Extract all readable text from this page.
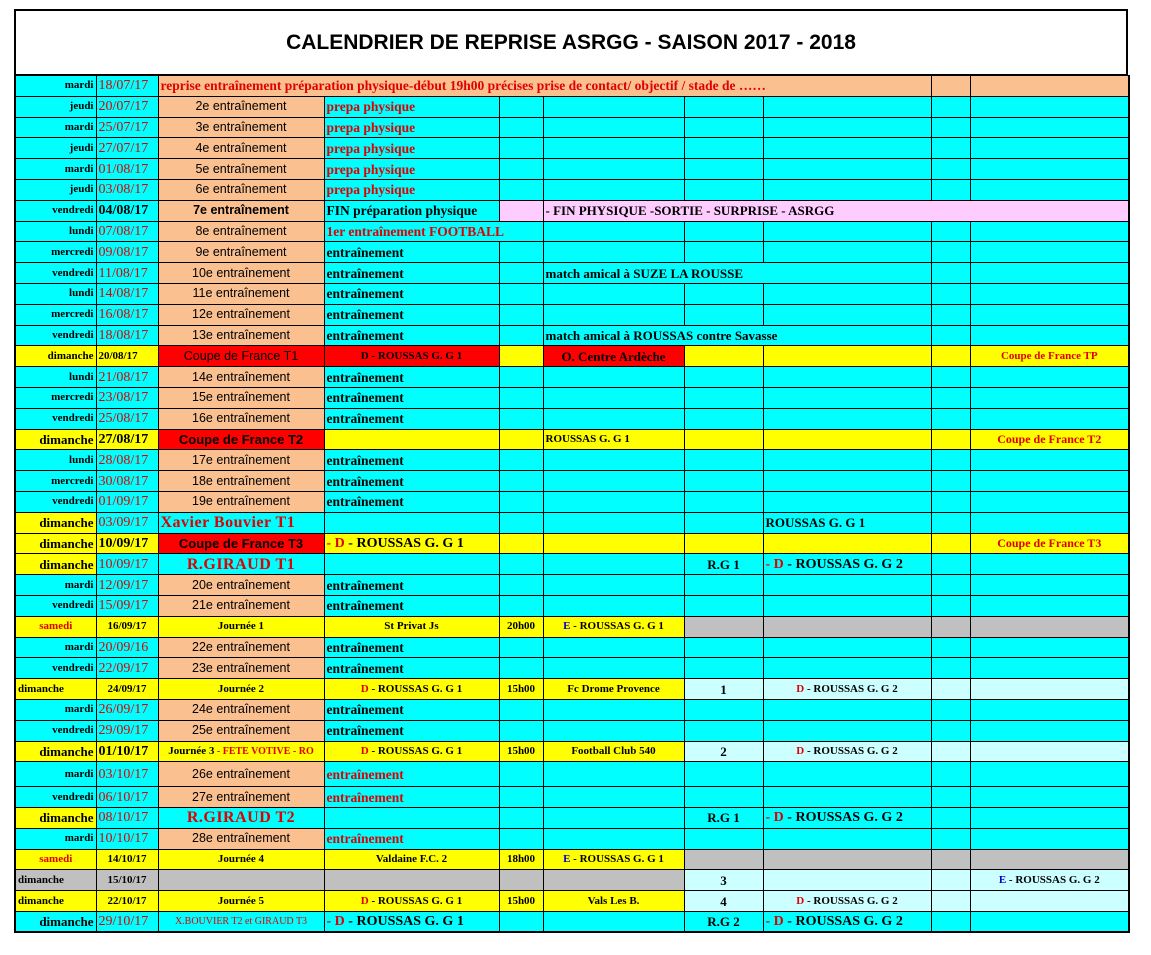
CALENDRIER DE REPRISE ASRGG - SAISON 2017 - 2018
mardi	18/07/17	reprise entraînement préparation physique-début 19h00 précises prise de contact/ objectif / stade de ……							
jeudi	20/07/17	2e entraînement	prepa physique						
mardi	25/07/17	3e entraînement	prepa physique						
jeudi	27/07/17	4e entraînement	prepa physique						
mardi	01/08/17	5e entraînement	prepa physique						
jeudi	03/08/17	6e entraînement	prepa physique						
vendredi	04/08/17	7e entraînement	FIN préparation physique		- FIN PHYSIQUE -SORTIE - SURPRISE - ASRGG				
lundi	07/08/17	8e entraînement	1er entraînement FOOTBALL						
mercredi	09/08/17	9e entraînement	entraînement						
vendredi	11/08/17	10e entraînement	entraînement		match amical à SUZE LA ROUSSE				
lundi	14/08/17	11e entraînement	entraînement						
mercredi	16/08/17	12e entraînement	entraînement						
vendredi	18/08/17	13e entraînement	entraînement		match amical à ROUSSAS contre Savasse				
dimanche	20/08/17	Coupe de France T1	D - ROUSSAS G. G 1		O. Centre Ardèche				Coupe de France TP
lundi	21/08/17	14e entraînement	entraînement						
mercredi	23/08/17	15e entraînement	entraînement						
vendredi	25/08/17	16e entraînement	entraînement						
dimanche	27/08/17	Coupe de France T2			ROUSSAS G. G 1				Coupe de France T2
lundi	28/08/17	17e entraînement	entraînement						
mercredi	30/08/17	18e entraînement	entraînement						
vendredi	01/09/17	19e entraînement	entraînement						
dimanche	03/09/17	Xavier Bouvier T1					ROUSSAS G. G 1		
dimanche	10/09/17	Coupe de France T3	- D - ROUSSAS G. G 1						Coupe de France T3
dimanche	10/09/17	R.GIRAUD T1				R.G 1	- D - ROUSSAS G. G 2		
mardi	12/09/17	20e entraînement	entraînement						
vendredi	15/09/17	21e entraînement	entraînement						
samedi	16/09/17	Journée 1	St Privat Js	20h00	E - ROUSSAS G. G 1				
mardi	20/09/16	22e entraînement	entraînement						
vendredi	22/09/17	23e entraînement	entraînement						
dimanche	24/09/17	Journée 2	D - ROUSSAS G. G 1	15h00	Fc Drome Provence	1	D - ROUSSAS G. G 2		
mardi	26/09/17	24e entraînement	entraînement						
vendredi	29/09/17	25e entraînement	entraînement						
dimanche	01/10/17	Journée 3 - FETE VOTIVE - RO	D - ROUSSAS G. G 1	15h00	Football Club 540	2	D - ROUSSAS G. G 2		
mardi	03/10/17	26e entraînement	entraînement						
vendredi	06/10/17	27e entraînement	entraînement						
dimanche	08/10/17	R.GIRAUD T2				R.G 1	- D - ROUSSAS G. G 2		
mardi	10/10/17	28e entraînement	entraînement						
samedi	14/10/17	Journée 4	Valdaine F.C. 2	18h00	E - ROUSSAS G. G 1				
dimanche	15/10/17					3			E - ROUSSAS G. G 2
dimanche	22/10/17	Journée 5	D - ROUSSAS G. G 1	15h00	Vals Les B.	4	D - ROUSSAS G. G 2		
dimanche	29/10/17	X.BOUVIER T2 et GIRAUD T3	- D - ROUSSAS G. G 1			R.G 2	- D - ROUSSAS G. G 2		
